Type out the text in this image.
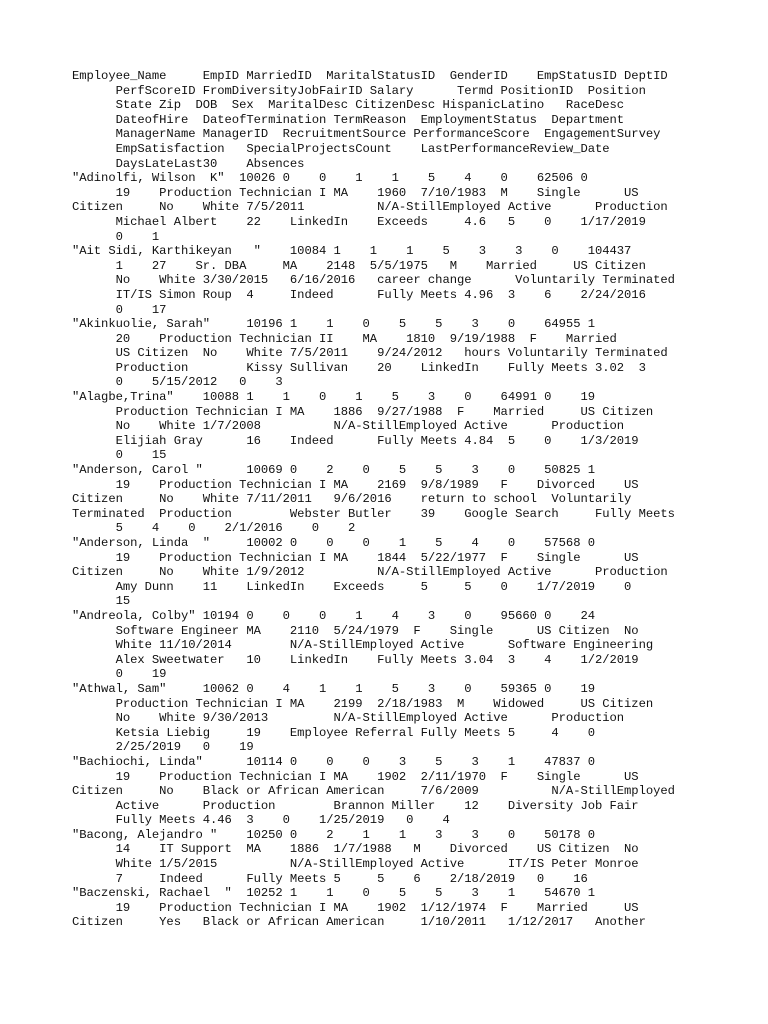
Employee_Name     EmpID MarriedID  MaritalStatusID  GenderID    EmpStatusID DeptID
PerfScoreID FromDiversityJobFairID Salary      Termd PositionID  Position
State Zip  DOB  Sex  MaritalDesc CitizenDesc HispanicLatino   RaceDesc
DateofHire  DateofTermination TermReason  EmploymentStatus  Department
ManagerName ManagerID  RecruitmentSource PerformanceScore  EngagementSurvey
EmpSatisfaction   SpecialProjectsCount    LastPerformanceReview_Date
DaysLateLast30    Absences
"Adinolfi, Wilson  K"  10026 0    0    1    1    5    4    0    62506 0
19    Production Technician I MA    1960  7/10/1983  M    Single      US
Citizen     No    White 7/5/2011          N/A-StillEmployed Active      Production
Michael Albert    22    LinkedIn    Exceeds     4.6   5    0    1/17/2019
0    1
"Ait Sidi, Karthikeyan   "    10084 1    1    1    5    3    3    0    104437
1    27    Sr. DBA     MA    2148  5/5/1975   M    Married     US Citizen
No    White 3/30/2015   6/16/2016   career change      Voluntarily Terminated
IT/IS Simon Roup  4     Indeed      Fully Meets 4.96  3    6    2/24/2016
0    17
"Akinkuolie, Sarah"     10196 1    1    0    5    5    3    0    64955 1
20    Production Technician II    MA    1810  9/19/1988  F    Married
US Citizen  No    White 7/5/2011    9/24/2012   hours Voluntarily Terminated
Production        Kissy Sullivan    20    LinkedIn    Fully Meets 3.02  3
0    5/15/2012   0    3
"Alagbe,Trina"    10088 1    1    0    1    5    3    0    64991 0    19
Production Technician I MA    1886  9/27/1988  F    Married     US Citizen
No    White 1/7/2008          N/A-StillEmployed Active      Production
Elijiah Gray      16    Indeed      Fully Meets 4.84  5    0    1/3/2019
0    15
"Anderson, Carol "      10069 0    2    0    5    5    3    0    50825 1
19    Production Technician I MA    2169  9/8/1989   F    Divorced    US
Citizen     No    White 7/11/2011   9/6/2016    return to school  Voluntarily
Terminated  Production        Webster Butler    39    Google Search     Fully Meets
5    4    0    2/1/2016    0    2
"Anderson, Linda  "     10002 0    0    0    1    5    4    0    57568 0
19    Production Technician I MA    1844  5/22/1977  F    Single      US
Citizen     No    White 1/9/2012          N/A-StillEmployed Active      Production
Amy Dunn    11    LinkedIn    Exceeds     5     5    0    1/7/2019    0
15
"Andreola, Colby" 10194 0    0    0    1    4    3    0    95660 0    24
Software Engineer MA    2110  5/24/1979  F    Single      US Citizen  No
White 11/10/2014        N/A-StillEmployed Active      Software Engineering
Alex Sweetwater   10    LinkedIn    Fully Meets 3.04  3    4    1/2/2019
0    19
"Athwal, Sam"     10062 0    4    1    1    5    3    0    59365 0    19
Production Technician I MA    2199  2/18/1983  M    Widowed     US Citizen
No    White 9/30/2013         N/A-StillEmployed Active      Production
Ketsia Liebig     19    Employee Referral Fully Meets 5     4    0
2/25/2019   0    19
"Bachiochi, Linda"      10114 0    0    0    3    5    3    1    47837 0
19    Production Technician I MA    1902  2/11/1970  F    Single      US
Citizen     No    Black or African American     7/6/2009          N/A-StillEmployed
Active      Production        Brannon Miller    12    Diversity Job Fair
Fully Meets 4.46  3    0    1/25/2019   0    4
"Bacong, Alejandro "    10250 0    2    1    1    3    3    0    50178 0
14    IT Support  MA    1886  1/7/1988   M    Divorced    US Citizen  No
White 1/5/2015          N/A-StillEmployed Active      IT/IS Peter Monroe
7     Indeed      Fully Meets 5     5    6    2/18/2019   0    16
"Baczenski, Rachael  "  10252 1    1    0    5    5    3    1    54670 1
19    Production Technician I MA    1902  1/12/1974  F    Married     US
Citizen     Yes   Black or African American     1/10/2011   1/12/2017   Another
